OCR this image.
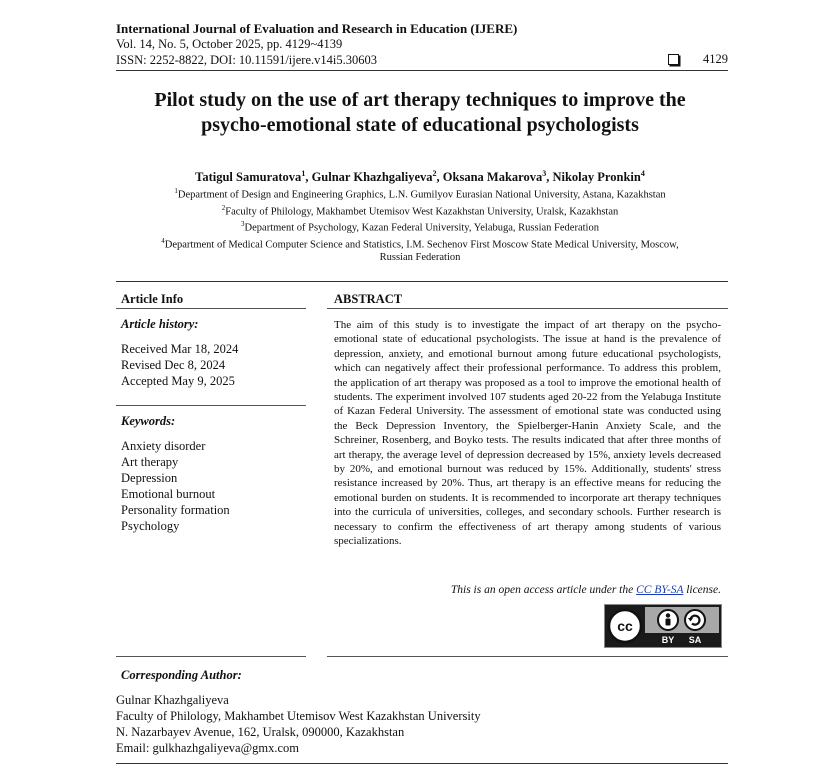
International Journal of Evaluation and Research in Education (IJERE)
Vol. 14, No. 5, October 2025, pp. 4129~4139
ISSN: 2252-8822, DOI: 10.11591/ijere.v14i5.30603	4129
Pilot study on the use of art therapy techniques to improve the
psycho-emotional state of educational psychologists
Tatigul Samuratova$^1$, Gulnar Khazhgaliyeva$^2$, Oksana Makarova$^3$, Nikolay Pronkin$^4$
$^1$Department of Design and Engineering Graphics, L.N. Gumilyov Eurasian National University, Astana, Kazakhstan
$^2$Faculty of Philology, Makhambet Utemisov West Kazakhstan University, Uralsk, Kazakhstan
$^3$Department of Psychology, Kazan Federal University, Yelabuga, Russian Federation
$^4$Department of Medical Computer Science and Statistics, I.M. Sechenov First Moscow State Medical University, Moscow,
Russian Federation
Article Info
Article history:
Received Mar 18, 2024
Revised Dec 8, 2024
Accepted May 9, 2025
Keywords:
Anxiety disorder
Art therapy
Depression
Emotional burnout
Personality formation
Psychology
ABSTRACT
The aim of this study is to investigate the impact of art therapy on the psycho-emotional state of educational psychologists. The issue at hand is the prevalence of depression, anxiety, and emotional burnout among future educational psychologists, which can negatively affect their professional performance. To address this problem, the application of art therapy was proposed as a tool to improve the emotional health of students. The experiment involved 107 students aged 20-22 from the Yelabuga Institute of Kazan Federal University. The assessment of emotional state was conducted using the Beck Depression Inventory, the Spielberger-Hanin Anxiety Scale, and the Schreiner, Rosenberg, and Boyko tests. The results indicated that after three months of art therapy, the average level of depression decreased by 15%, anxiety levels decreased by 20%, and emotional burnout was reduced by 15%. Additionally, students' stress resistance increased by 20%. Thus, art therapy is an effective means for reducing the emotional burden on students. It is recommended to incorporate art therapy techniques into the curricula of universities, colleges, and secondary schools. Further research is necessary to confirm the effectiveness of art therapy among students of various specializations.
This is an open access article under the CC BY-SA license.
cc
BY SA
Corresponding Author:
Gulnar Khazhgaliyeva
Faculty of Philology, Makhambet Utemisov West Kazakhstan University
N. Nazarbayev Avenue, 162, Uralsk, 090000, Kazakhstan
Email: gulkhazhgaliyeva@gmx.com
